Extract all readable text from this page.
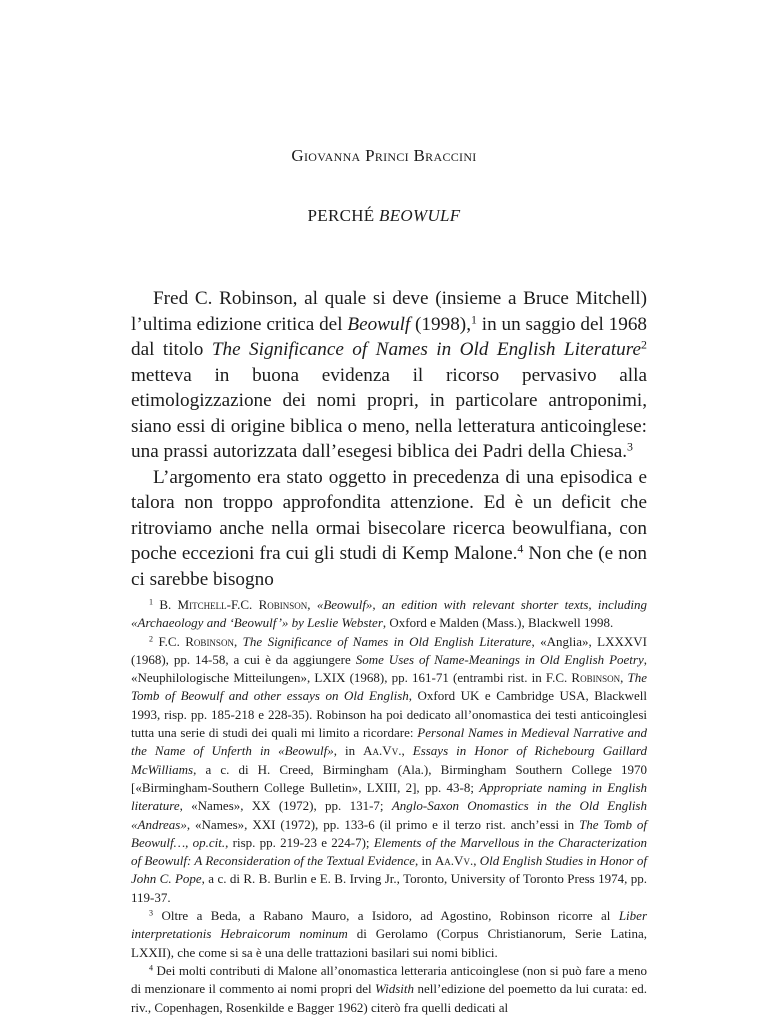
Giovanna Princi Braccini
PERCHÉ BEOWULF

Fred C. Robinson, al quale si deve (insieme a Bruce Mitchell) l’ultima edizione critica del Beowulf (1998),$^1$ in un saggio del 1968 dal titolo The Significance of Names in Old English Literature$^2$ metteva in buona evidenza il ricorso pervasivo alla etimologizzazione dei nomi propri, in particolare antroponimi, siano essi di origine biblica o meno, nella letteratura anticoinglese: una prassi autorizzata dall’esegesi biblica dei Padri della Chiesa.$^3$

L’argomento era stato oggetto in precedenza di una episodica e talora non troppo approfondita attenzione. Ed è un deficit che ritroviamo anche nella ormai bisecolare ricerca beowulfiana, con poche eccezioni fra cui gli studi di Kemp Malone.$^4$ Non che (e non ci sarebbe bisogno

$^1$ B. Mitchell-F.C. Robinson, «Beowulf», an edition with relevant shorter texts, including «Archaeology and ‘Beowulf’» by Leslie Webster, Oxford e Malden (Mass.), Blackwell 1998.

$^2$ F.C. Robinson, The Significance of Names in Old English Literature, «Anglia», LXXXVI (1968), pp. 14-58, a cui è da aggiungere Some Uses of Name-Meanings in Old English Poetry, «Neuphilologische Mitteilungen», LXIX (1968), pp. 161-71 (entrambi rist. in F.C. Robinson, The Tomb of Beowulf and other essays on Old English, Oxford UK e Cambridge USA, Blackwell 1993, risp. pp. 185-218 e 228-35). Robinson ha poi dedicato all’onomastica dei testi anticoinglesi tutta una serie di studi dei quali mi limito a ricordare: Personal Names in Medieval Narrative and the Name of Unferth in «Beowulf», in Aa.Vv., Essays in Honor of Richebourg Gaillard McWilliams, a c. di H. Creed, Birmingham (Ala.), Birmingham Southern College 1970 [«Birmingham-Southern College Bulletin», LXIII, 2], pp. 43-8; Appropriate naming in English literature, «Names», XX (1972), pp. 131-7; Anglo-Saxon Onomastics in the Old English «Andreas», «Names», XXI (1972), pp. 133-6 (il primo e il terzo rist. anch’essi in The Tomb of Beowulf…, op.cit., risp. pp. 219-23 e 224-7); Elements of the Marvellous in the Characterization of Beowulf: A Reconsideration of the Textual Evidence, in Aa.Vv., Old English Studies in Honor of John C. Pope, a c. di R. B. Burlin e E. B. Irving Jr., Toronto, University of Toronto Press 1974, pp. 119-37.

$^3$ Oltre a Beda, a Rabano Mauro, a Isidoro, ad Agostino, Robinson ricorre al Liber interpretationis Hebraicorum nominum di Gerolamo (Corpus Christianorum, Serie Latina, LXXII), che come si sa è una delle trattazioni basilari sui nomi biblici.

$^4$ Dei molti contributi di Malone all’onomastica letteraria anticoinglese (non si può fare a meno di menzionare il commento ai nomi propri del Widsith nell’edizione del poemetto da lui curata: ed. riv., Copenhagen, Rosenkilde e Bagger 1962) citerò fra quelli dedicati al
